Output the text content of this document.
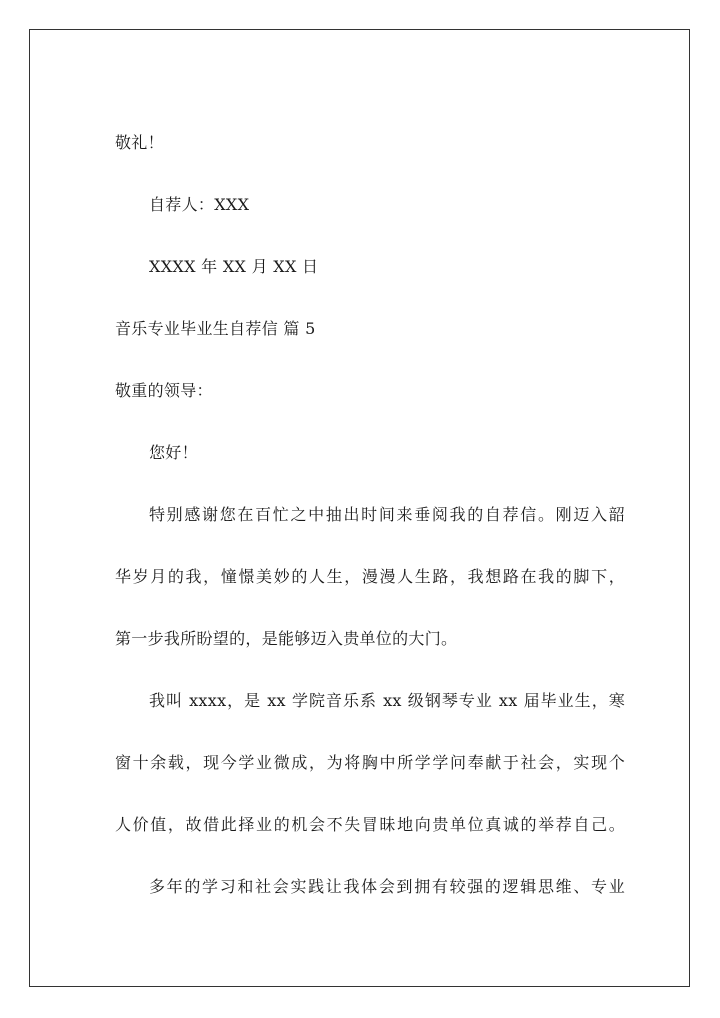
敬礼！
自荐人：XXX
XXXX 年 XX 月 XX 日
音乐专业毕业生自荐信 篇 5
敬重的领导：
您好！
特别感谢您在百忙之中抽出时间来垂阅我的自荐信。刚迈入韶
华岁月的我，憧憬美妙的人生，漫漫人生路，我想路在我的脚下，
第一步我所盼望的，是能够迈入贵单位的大门。
我叫 xxxx，是 xx 学院音乐系 xx 级钢琴专业 xx 届毕业生，寒
窗十余载，现今学业微成，为将胸中所学学问奉献于社会，实现个
人价值，故借此择业的机会不失冒昧地向贵单位真诚的举荐自己。
多年的学习和社会实践让我体会到拥有较强的逻辑思维、专业
